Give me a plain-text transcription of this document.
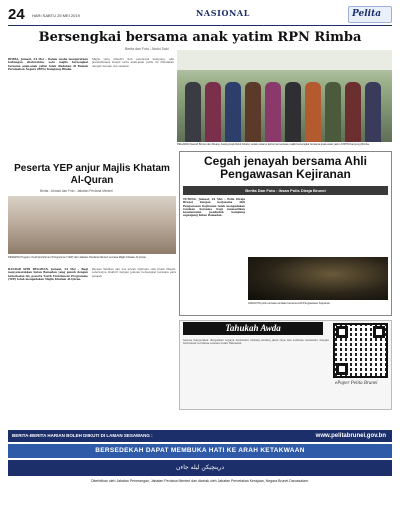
24 HARI SABTU 25 MEI 2019	NASIONAL	Pelita
Bersengkai bersama anak yatim RPN Rimba
Berita dan Foto : Abdul Said
RIMBA, Jumaat, 24 Mei – Dalam usaha mengeratkan hubungan silaturahim, satu majlis bersengkai bersama anak-anak yatim telah diadakan di Rumah Perumahan Negara (RPN) Kampung Rimba.
Majlis yang dihadiri oleh penduduk kampung, ahli jawatankuasa masjid serta anak-anak yatim itu dimulakan dengan bacaan doa selamat.
PEGAWAI Daerah Brunei dan Muara, Awang Haji Abdul Ghafar, selaku tetamu kehormat semasa majlis bersengkai bersama anak-anak yatim di RPN Kampung Rimba.
Peserta YEP anjur Majlis Khatam Al-Quran
Berita : Ahmad dan Foto : Jabatan Perdana Menteri
PESERTA Program Youth Enrichment Programme (YEP) dari Jabatan Perdana Menteri semasa Majlis Khatam Al-Quran.
BANDAR SERI BEGAWAN, Jumaat, 24 Mei – Bagi menyemarakkan bulan Ramadan yang penuh dengan keberkatan ini, peserta Youth Enrichment Programme (YEP) telah mengadakan Majlis Khatam Al-Quran.
Bacaan Tahlilan dan doa arwah dipimpin oleh Imam Masjid, seterusnya diakhiri dengan jamuan bersengkai bersama para jemaah.
Cegah jenayah bersama Ahli Pengawasan Kejiranan
Berita Dan Foto : Ihsan Polis Diraja Brunei
TUTONG, Jumaat, 24 Mei – Polis Diraja Brunei dengan kerjasama Ahli Pengawasan Kejiranan telah mengadakan rondaan bersama bagi memastikan keselamatan penduduk kampung sepanjang bulan Ramadan.
ANGGOTA polis semasa rondaan bersama Ahli Pengawasan Kejiranan.
Tahukah Awda
Semua masyarakat diingatkan supaya mematuhi undang-undang jalan raya dan sentiasa memandu dengan berhemah terutama semasa bulan Ramadan.
ePaper Pelita Brunei
BERITA-BERITA HARIAN BOLEH DIIKUTI DI LAMAN SESAWANG :	www.pelitabrunei.gov.bn
BERSEDEKAH DAPAT MEMBUKA HATI KE ARAH KETAKWAAN
درينچيكن ليله جاءن
Diterbitkan oleh Jabatan Penerangan, Jabatan Perdana Menteri dan dicetak oleh Jabatan Percetakan Kerajaan, Negara Brunei Darussalam.
